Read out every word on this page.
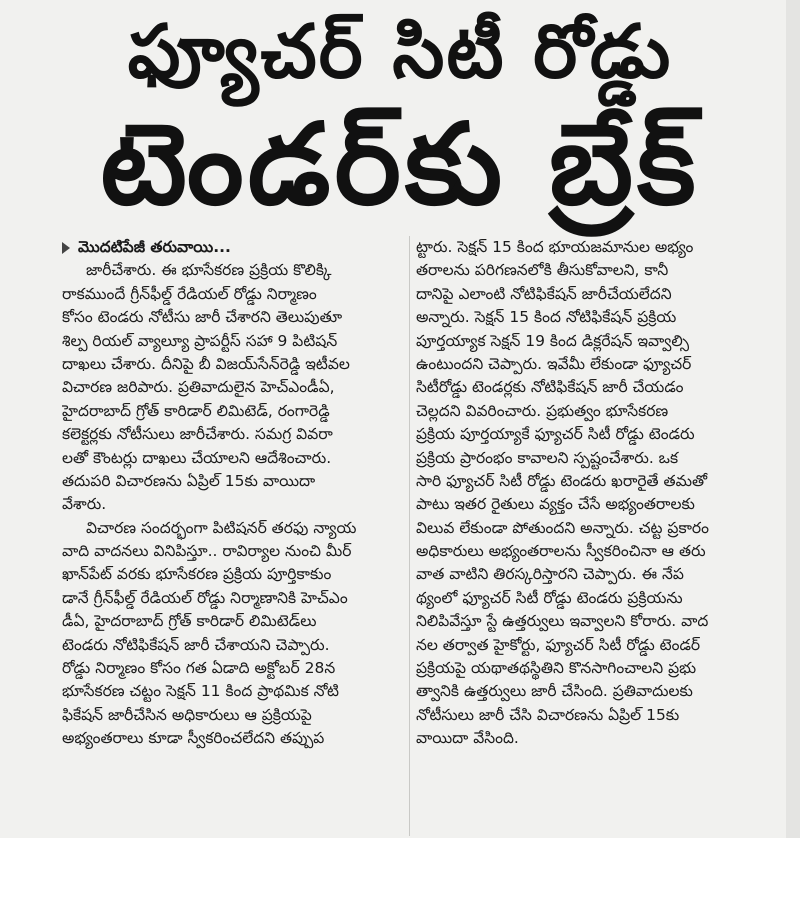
ఫ్యూచర్ సిటీ రోడ్డు
టెండర్‌కు బ్రేక్
మొదటిపేజీ తరువాయి...
జారీచేశారు. ఈ భూసేకరణ ప్రక్రియ కొలిక్కి
రాకముందే గ్రీన్‌ఫీల్డ్ రేడియల్ రోడ్డు నిర్మాణం
కోసం టెండరు నోటీసు జారీ చేశారని తెలుపుతూ
శిల్ప రియల్ వ్యాల్యూ ప్రాపర్టీస్ సహా 9 పిటిషన్
దాఖలు చేశారు. దీనిపై బీ విజయ్‌సేన్‌రెడ్డి ఇటీవల
విచారణ జరిపారు. ప్రతివాదులైన హెచ్‌ఎండీఏ,
హైదరాబాద్ గ్రోత్ కారిడార్ లిమిటెడ్, రంగారెడ్డి
కలెక్టర్లకు నోటీసులు జారీచేశారు. సమగ్ర వివరా
లతో కౌంటర్లు దాఖలు చేయాలని ఆదేశించారు.
తదుపరి విచారణను ఏప్రిల్ 15కు వాయిదా
వేశారు.
విచారణ సందర్భంగా పిటిషనర్ తరఫు న్యాయ
వాది వాదనలు వినిపిస్తూ.. రావిర్యాల నుంచి మీర్
ఖాన్‌పేట్ వరకు భూసేకరణ ప్రక్రియ పూర్తికాకుం
డానే గ్రీన్‌ఫీల్డ్ రేడియల్ రోడ్డు నిర్మాణానికి హెచ్‌ఎం
డీఏ, హైదరాబాద్ గ్రోత్ కారిడార్ లిమిటెడ్‌లు
టెండరు నోటిఫికేషన్ జారీ చేశాయని చెప్పారు.
రోడ్డు నిర్మాణం కోసం గత ఏడాది అక్టోబర్ 28న
భూసేకరణ చట్టం సెక్షన్ 11 కింద ప్రాథమిక నోటి
ఫికేషన్ జారీచేసిన అధికారులు ఆ ప్రక్రియపై
అభ్యంతరాలు కూడా స్వీకరించలేదని తప్పుప
ట్టారు. సెక్షన్ 15 కింద భూయజమానుల అభ్యం
తరాలను పరిగణనలోకి తీసుకోవాలని, కానీ
దానిపై ఎలాంటి నోటిఫికేషన్ జారీచేయలేదని
అన్నారు. సెక్షన్ 15 కింద నోటిఫికేషన్ ప్రక్రియ
పూర్తయ్యాక సెక్షన్ 19 కింద డిక్లరేషన్ ఇవ్వాల్సి
ఉంటుందని చెప్పారు. ఇవేమీ లేకుండా ఫ్యూచర్
సిటీరోడ్డు టెండర్లకు నోటిఫికేషన్ జారీ చేయడం
చెల్లదని వివరించారు. ప్రభుత్వం భూసేకరణ
ప్రక్రియ పూర్తయ్యాకే ఫ్యూచర్ సిటీ రోడ్డు టెండరు
ప్రక్రియ ప్రారంభం కావాలని స్పష్టంచేశారు. ఒక
సారి ఫ్యూచర్ సిటీ రోడ్డు టెండరు ఖరారైతే తమతో
పాటు ఇతర రైతులు వ్యక్తం చేసే అభ్యంతరాలకు
విలువ లేకుండా పోతుందని అన్నారు. చట్ట ప్రకారం
అధికారులు అభ్యంతరాలను స్వీకరించినా ఆ తరు
వాత వాటిని తిరస్కరిస్తారని చెప్పారు. ఈ నేప
థ్యంలో ఫ్యూచర్ సిటీ రోడ్డు టెండరు ప్రక్రియను
నిలిపివేస్తూ స్టే ఉత్తర్వులు ఇవ్వాలని కోరారు. వాద
నల తర్వాత హైకోర్టు, ఫ్యూచర్ సిటీ రోడ్డు టెండర్
ప్రక్రియపై యథాతథస్థితిని కొనసాగించాలని ప్రభు
త్వానికి ఉత్తర్వులు జారీ చేసింది. ప్రతివాదులకు
నోటీసులు జారీ చేసి విచారణను ఏప్రిల్ 15కు
వాయిదా వేసింది.
